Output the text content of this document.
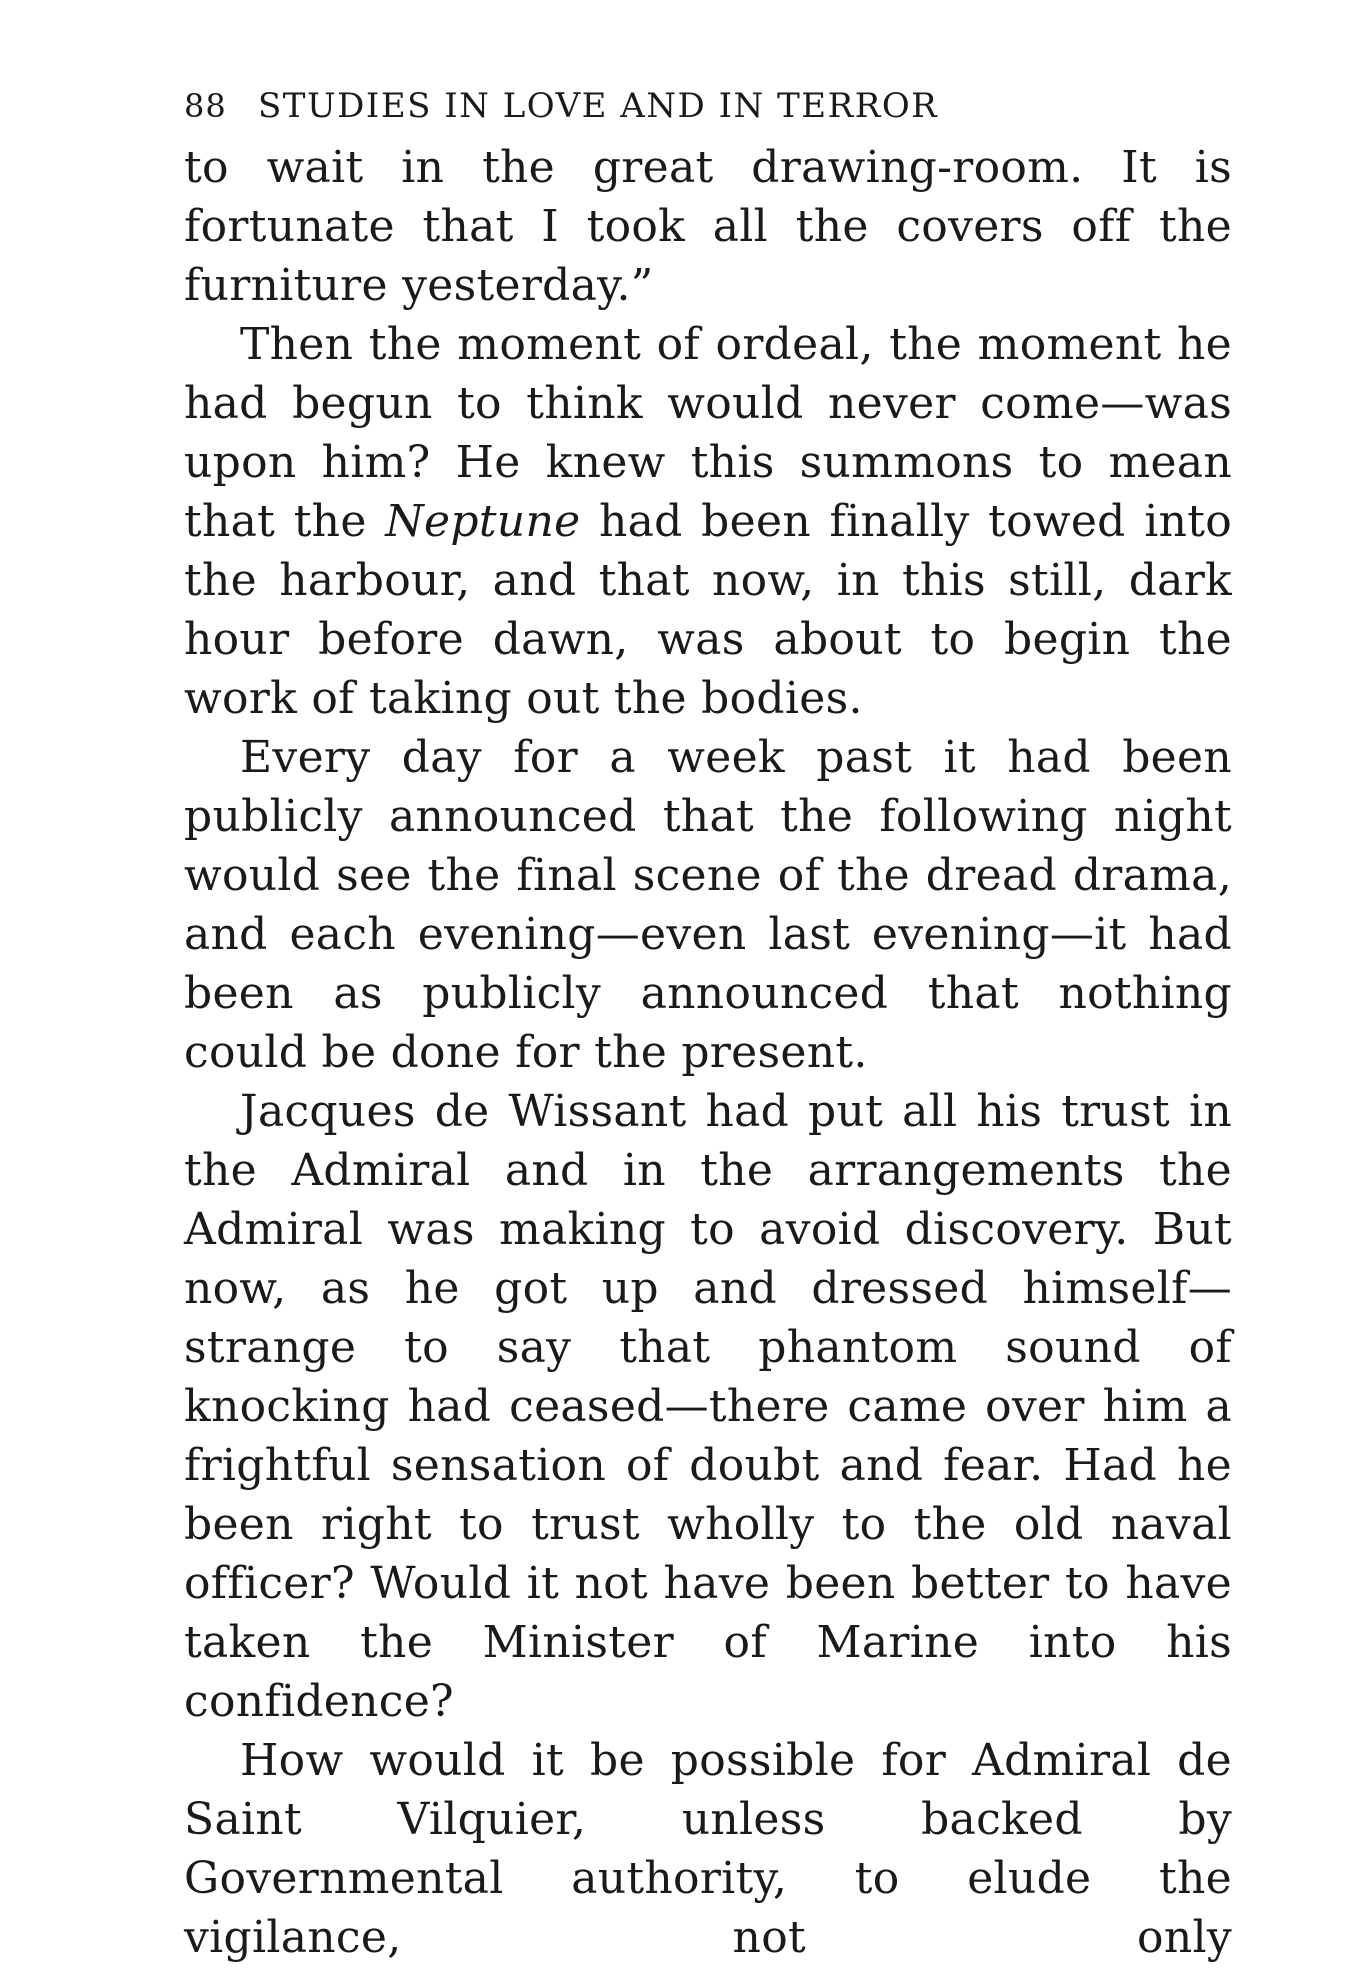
88 STUDIES IN LOVE AND IN TERROR

to wait in the great drawing-room. It is fortunate that I took all the covers off the furniture yesterday.”

Then the moment of ordeal, the moment he had begun to think would never come—was upon him? He knew this summons to mean that the Neptune had been finally towed into the harbour, and that now, in this still, dark hour before dawn, was about to begin the work of taking out the bodies.

Every day for a week past it had been publicly announced that the following night would see the final scene of the dread drama, and each evening—even last evening—it had been as publicly announced that nothing could be done for the present.

Jacques de Wissant had put all his trust in the Admiral and in the arrangements the Admiral was making to avoid discovery. But now, as he got up and dressed himself—strange to say that phantom sound of knocking had ceased—there came over him a frightful sensation of doubt and fear. Had he been right to trust wholly to the old naval officer? Would it not have been better to have taken the Minister of Marine into his confidence?

How would it be possible for Admiral de Saint Vilquier, unless backed by Governmental authority, to elude the vigilance, not only
